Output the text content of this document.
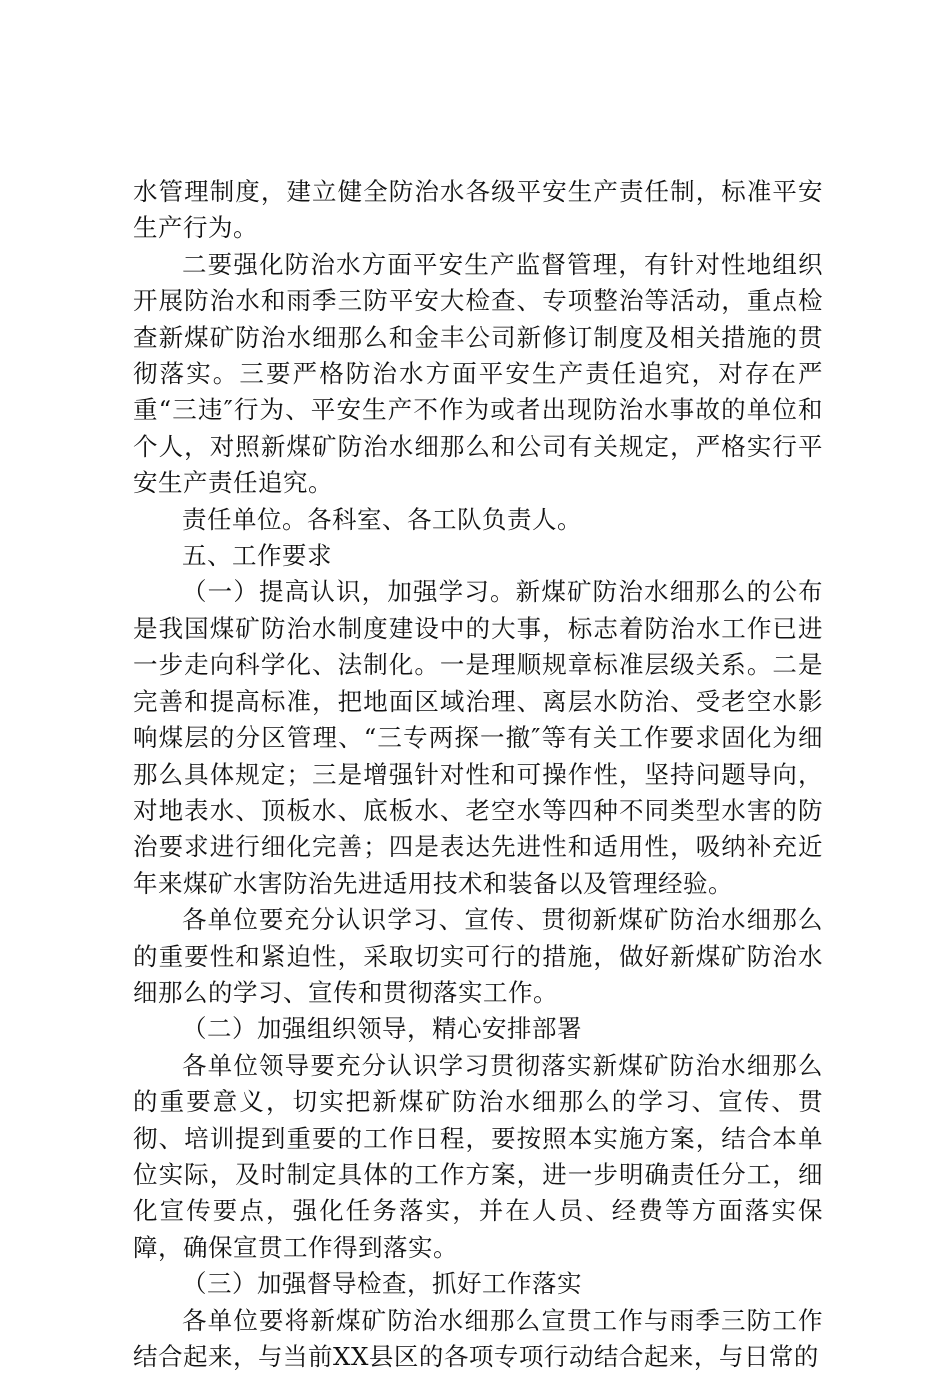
水管理制度，建立健全防治水各级平安生产责任制，标准平安生产行为。

二要强化防治水方面平安生产监督管理，有针对性地组织开展防治水和雨季三防平安大检查、专项整治等活动，重点检查新煤矿防治水细那么和金丰公司新修订制度及相关措施的贯彻落实。三要严格防治水方面平安生产责任追究，对存在严重“三违″行为、平安生产不作为或者出现防治水事故的单位和个人，对照新煤矿防治水细那么和公司有关规定，严格实行平安生产责任追究。

责任单位。各科室、各工队负责人。

五、工作要求

（一）提高认识，加强学习。新煤矿防治水细那么的公布是我国煤矿防治水制度建设中的大事，标志着防治水工作已进一步走向科学化、法制化。一是理顺规章标准层级关系。二是完善和提高标准，把地面区域治理、离层水防治、受老空水影响煤层的分区管理、“三专两探一撤″等有关工作要求固化为细那么具体规定；三是增强针对性和可操作性，坚持问题导向，对地表水、顶板水、底板水、老空水等四种不同类型水害的防治要求进行细化完善；四是表达先进性和适用性，吸纳补充近年来煤矿水害防治先进适用技术和装备以及管理经验。

各单位要充分认识学习、宣传、贯彻新煤矿防治水细那么的重要性和紧迫性，采取切实可行的措施，做好新煤矿防治水细那么的学习、宣传和贯彻落实工作。

（二）加强组织领导，精心安排部署

各单位领导要充分认识学习贯彻落实新煤矿防治水细那么的重要意义，切实把新煤矿防治水细那么的学习、宣传、贯彻、培训提到重要的工作日程，要按照本实施方案，结合本单位实际，及时制定具体的工作方案，进一步明确责任分工，细化宣传要点，强化任务落实，并在人员、经费等方面落实保障，确保宣贯工作得到落实。

（三）加强督导检查，抓好工作落实

各单位要将新煤矿防治水细那么宣贯工作与雨季三防工作结合起来，与当前XX县区的各项专项行动结合起来，与日常的
